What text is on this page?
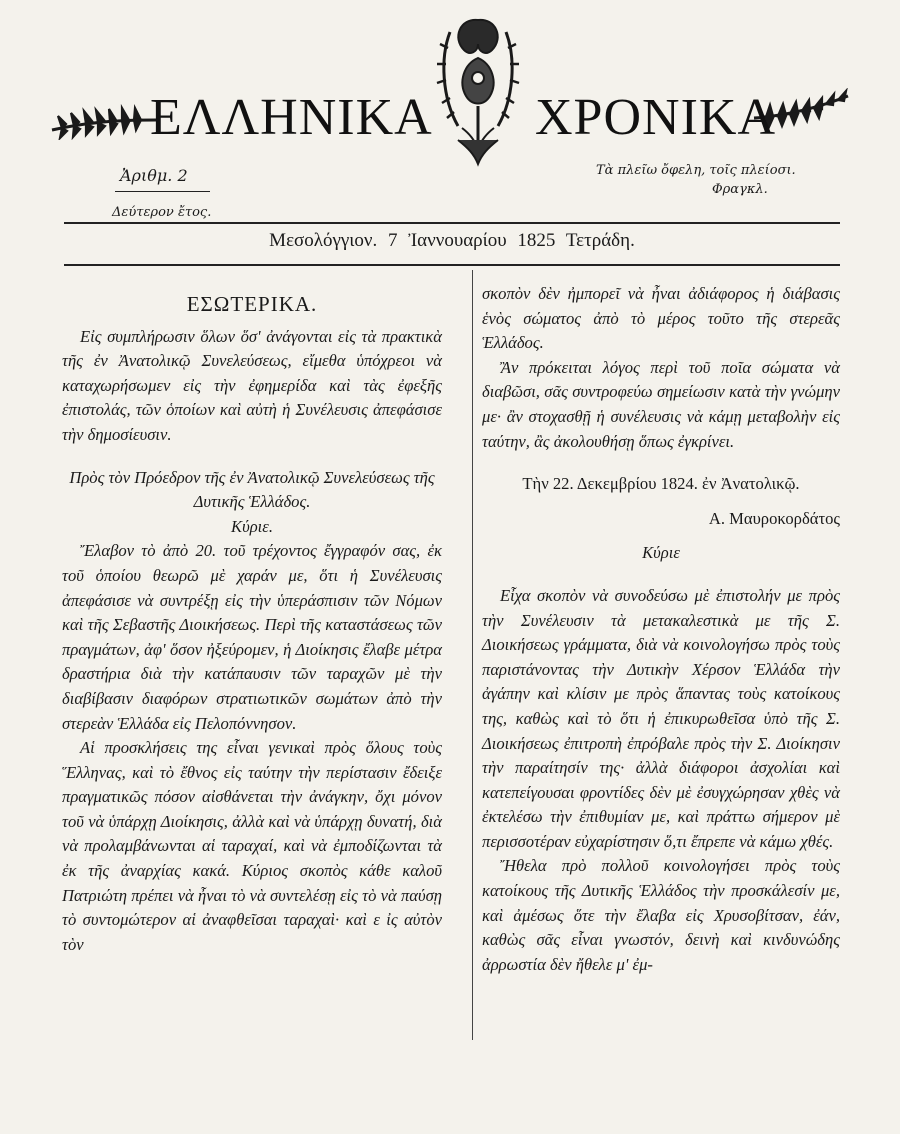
ΕΛΛΗΝΙΚΑ ΧΡΟΝΙΚΑ
Ἀριθμ. 2
Δεύτερον ἔτος.
Τὰ πλεῖω ὄφελη, τοῖς πλείοσι.
Φραγκλ.
Μεσολόγγιον. 7 Ἰαννουαρίου 1825 Τετράδη.

ΕΣΩΤΕΡΙΚΑ.

Εἰς συμπλήρωσιν ὅλων ὅσ' ἀνάγονται εἰς τὰ πρακτικὰ τῆς ἐν Ἀνατολικῷ Συνελεύσεως, εἴμεθα ὑπόχρεοι νὰ καταχωρήσωμεν εἰς τὴν ἐφημερίδα καὶ τὰς ἐφεξῆς ἐπιστολάς, τῶν ὁποίων καὶ αὐτὴ ἡ Συνέλευσις ἀπεφάσισε τὴν δημοσίευσιν.

Πρὸς τὸν Πρόεδρον τῆς ἐν Ἀνατολικῷ Συνελεύσεως τῆς Δυτικῆς Ἑλλάδος.

Κύριε.

Ἔλαβον τὸ ἀπὸ 20. τοῦ τρέχοντος ἔγγραφόν σας, ἐκ τοῦ ὁποίου θεωρῶ μὲ χαράν με, ὅτι ἡ Συνέλευσις ἀπεφάσισε νὰ συντρέξῃ εἰς τὴν ὑπεράσπισιν τῶν Νόμων καὶ τῆς Σεβαστῆς Διοικήσεως. Περὶ τῆς καταστάσεως τῶν πραγμάτων, ἀφ' ὅσον ἠξεύρομεν, ἡ Διοίκησις ἔλαβε μέτρα δραστήρια διὰ τὴν κατάπαυσιν τῶν ταραχῶν μὲ τὴν διαβίβασιν διαφόρων στρατιωτικῶν σωμάτων ἀπὸ τὴν στερεὰν Ἑλλάδα εἰς Πελοπόννησον.

Αἱ προσκλήσεις της εἶναι γενικαὶ πρὸς ὅλους τοὺς Ἕλληνας, καὶ τὸ ἔθνος εἰς ταύτην τὴν περίστασιν ἔδειξε πραγματικῶς πόσον αἰσθάνεται τὴν ἀνάγκην, ὄχι μόνον τοῦ νὰ ὑπάρχῃ Διοίκησις, ἀλλὰ καὶ νὰ ὑπάρχῃ δυνατή, διὰ νὰ προλαμβάνωνται αἱ ταραχαί, καὶ νὰ ἐμποδίζωνται τὰ ἐκ τῆς ἀναρχίας κακά. Κύριος σκοπὸς κάθε καλοῦ Πατριώτη πρέπει νὰ ἦναι τὸ νὰ συντελέσῃ εἰς τὸ νὰ παύσῃ τὸ συντομώτερον αἱ ἀναφθεῖσαι ταραχαὶ· καὶ ε ἰς αὐτὸν τὸν

σκοπὸν δὲν ἠμπορεῖ νὰ ἦναι ἀδιάφορος ἡ διάβασις ἑνὸς σώματος ἀπὸ τὸ μέρος τοῦτο τῆς στερεᾶς Ἑλλάδος.

Ἂν πρόκειται λόγος περὶ τοῦ ποῖα σώματα νὰ διαβῶσι, σᾶς συντροφεύω σημείωσιν κατὰ τὴν γνώμην με· ἂν στοχασθῇ ἡ συνέλευσις νὰ κάμῃ μεταβολὴν εἰς ταύτην, ἂς ἀκολουθήσῃ ὅπως ἐγκρίνει.

Τὴν 22. Δεκεμβρίου 1824. ἐν Ἀνατολικῷ.

Α. Μαυροκορδάτος

Κύριε

Εἶχα σκοπὸν νὰ συνοδεύσω μὲ ἐπιστολήν με πρὸς τὴν Συνέλευσιν τὰ μετακαλεστικὰ με τῆς Σ. Διοικήσεως γράμματα, διὰ νὰ κοινολογήσω πρὸς τοὺς παριστάνοντας τὴν Δυτικὴν Χέρσον Ἑλλάδα τὴν ἀγάπην καὶ κλίσιν με πρὸς ἅπαντας τοὺς κατοίκους της, καθὼς καὶ τὸ ὅτι ἡ ἐπικυρωθεῖσα ὑπὸ τῆς Σ. Διοικήσεως ἐπιτροπὴ ἐπρόβαλε πρὸς τὴν Σ. Διοίκησιν τὴν παραίτησίν της· ἀλλὰ διάφοροι ἀσχολίαι καὶ κατεπείγουσαι φροντίδες δὲν μὲ ἐσυγχώρησαν χθὲς νὰ ἐκτελέσω τὴν ἐπιθυμίαν με, καὶ πράττω σήμερον μὲ περισσοτέραν εὐχαρίστησιν ὅ,τι ἔπρεπε νὰ κάμω χθές.

Ἤθελα πρὸ πολλοῦ κοινολογήσει πρὸς τοὺς κατοίκους τῆς Δυτικῆς Ἑλλάδος τὴν προσκάλεσίν με, καὶ ἀμέσως ὅτε τὴν ἔλαβα εἰς Χρυσοβίτσαν, ἐάν, καθὼς σᾶς εἶναι γνωστόν, δεινὴ καὶ κινδυνώδης ἀρρωστία δὲν ἤθελε μ' ἐμ-
